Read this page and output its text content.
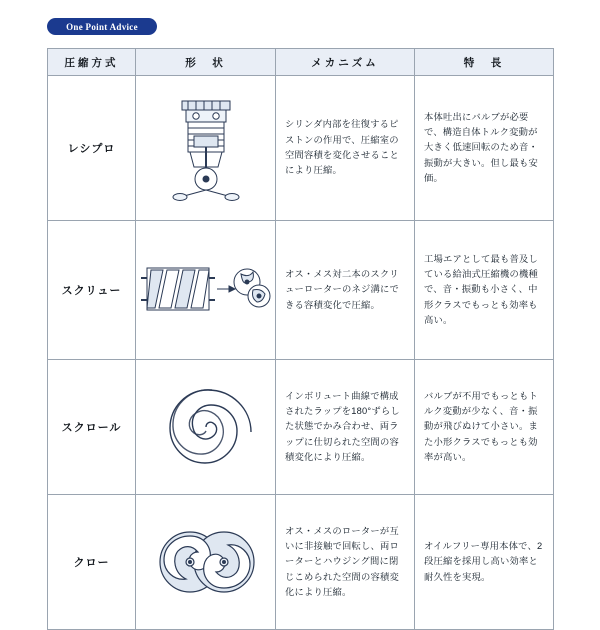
One Point Advice
圧縮方式	形　状	メカニズム	特　長
レシプロ		シリンダ内部を往復するピストンの作用で、圧縮室の空間容積を変化させることにより圧縮。	本体吐出にバルブが必要で、構造自体トルク変動が大きく低速回転のため音・振動が大きい。但し最も安価。
スクリュー		オス・メス対二本のスクリューローターのネジ溝にできる容積変化で圧縮。	工場エアとして最も普及している給油式圧縮機の機種で、音・振動も小さく、中形クラスでもっとも効率も高い。
スクロール		インボリュート曲線で構成されたラップを180°ずらした状態でかみ合わせ、両ラップに仕切られた空間の容積変化により圧縮。	バルブが不用でもっともトルク変動が少なく、音・振動が飛びぬけて小さい。また小形クラスでもっとも効率が高い。
クロー		オス・メスのローターが互いに非接触で回転し、両ローターとハウジング間に閉じこめられた空間の容積変化により圧縮。	オイルフリー専用本体で、2段圧縮を採用し高い効率と耐久性を実現。
